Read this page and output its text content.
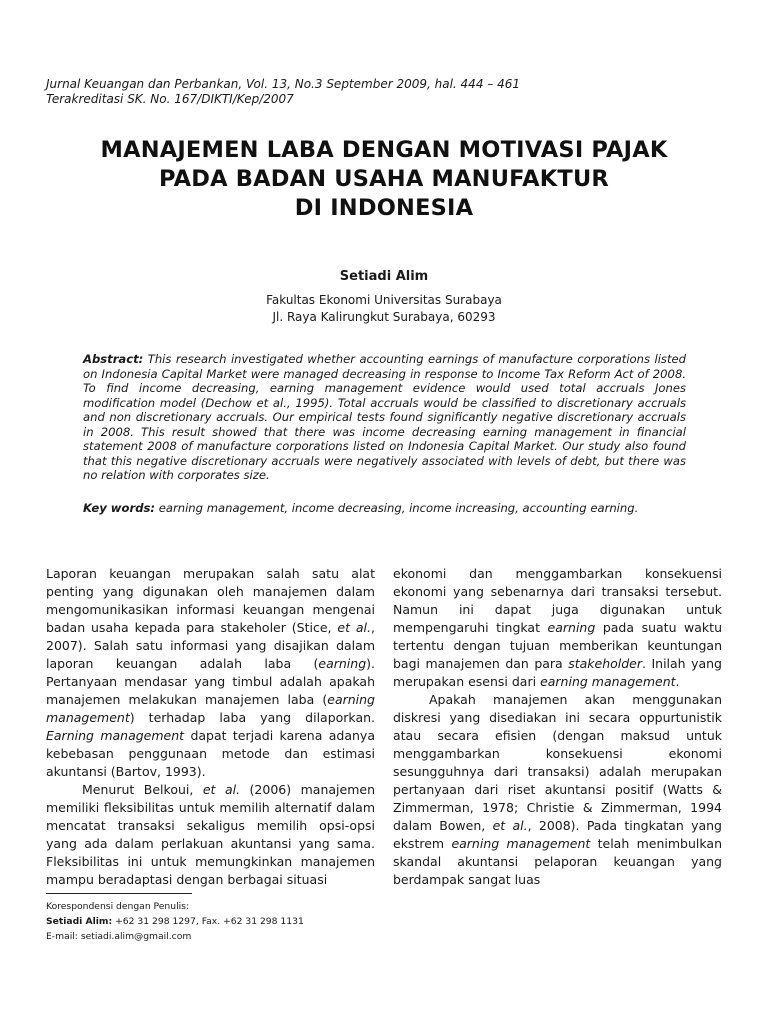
Jurnal Keuangan dan Perbankan, Vol. 13, No.3 September 2009, hal. 444 – 461
Terakreditasi SK. No. 167/DIKTI/Kep/2007
MANAJEMEN LABA DENGAN MOTIVASI PAJAK
PADA BADAN USAHA MANUFAKTUR
DI INDONESIA
Setiadi Alim
Fakultas Ekonomi Universitas Surabaya
Jl. Raya Kalirungkut Surabaya, 60293
Abstract: This research investigated whether accounting earnings of manufacture corporations listed on Indonesia Capital Market were managed decreasing in response to Income Tax Reform Act of 2008. To find income decreasing, earning management evidence would used total accruals Jones modification model (Dechow et al., 1995). Total accruals would be classified to discretionary accruals and non discretionary accruals. Our empirical tests found significantly negative discretionary accruals in 2008. This result showed that there was income decreasing earning management in financial statement 2008 of manufacture corporations listed on Indonesia Capital Market. Our study also found that this negative discretionary accruals were negatively associated with levels of debt, but there was no relation with corporates size.
Key words: earning management, income decreasing, income increasing, accounting earning.

Laporan keuangan merupakan salah satu alat penting yang digunakan oleh manajemen dalam mengomunikasikan informasi keuangan mengenai badan usaha kepada para stakeholer (Stice, et al., 2007). Salah satu informasi yang disajikan dalam laporan keuangan adalah laba (earning). Pertanyaan mendasar yang timbul adalah apakah manajemen melakukan manajemen laba (earning management) terhadap laba yang dilaporkan. Earning management dapat terjadi karena adanya kebebasan penggunaan metode dan estimasi akuntansi (Bartov, 1993).

Menurut Belkoui, et al. (2006) manajemen memiliki fleksibilitas untuk memilih alternatif dalam mencatat transaksi sekaligus memilih opsi-opsi yang ada dalam perlakuan akuntansi yang sama. Fleksibilitas ini untuk memungkinkan manajemen mampu beradaptasi dengan berbagai situasi

ekonomi dan menggambarkan konsekuensi ekonomi yang sebenarnya dari transaksi tersebut. Namun ini dapat juga digunakan untuk mempengaruhi tingkat earning pada suatu waktu tertentu dengan tujuan memberikan keuntungan bagi manajemen dan para stakeholder. Inilah yang merupakan esensi dari earning management.

Apakah manajemen akan menggunakan diskresi yang disediakan ini secara oppurtunistik atau secara efisien (dengan maksud untuk menggambarkan konsekuensi ekonomi sesungguhnya dari transaksi) adalah merupakan pertanyaan dari riset akuntansi positif (Watts & Zimmerman, 1978; Christie & Zimmerman, 1994 dalam Bowen, et al., 2008). Pada tingkatan yang ekstrem earning management telah menimbulkan skandal akuntansi pelaporan keuangan yang berdampak sangat luas

Korespondensi dengan Penulis:
Setiadi Alim: +62 31 298 1297, Fax. +62 31 298 1131
E-mail: setiadi.alim@gmail.com
